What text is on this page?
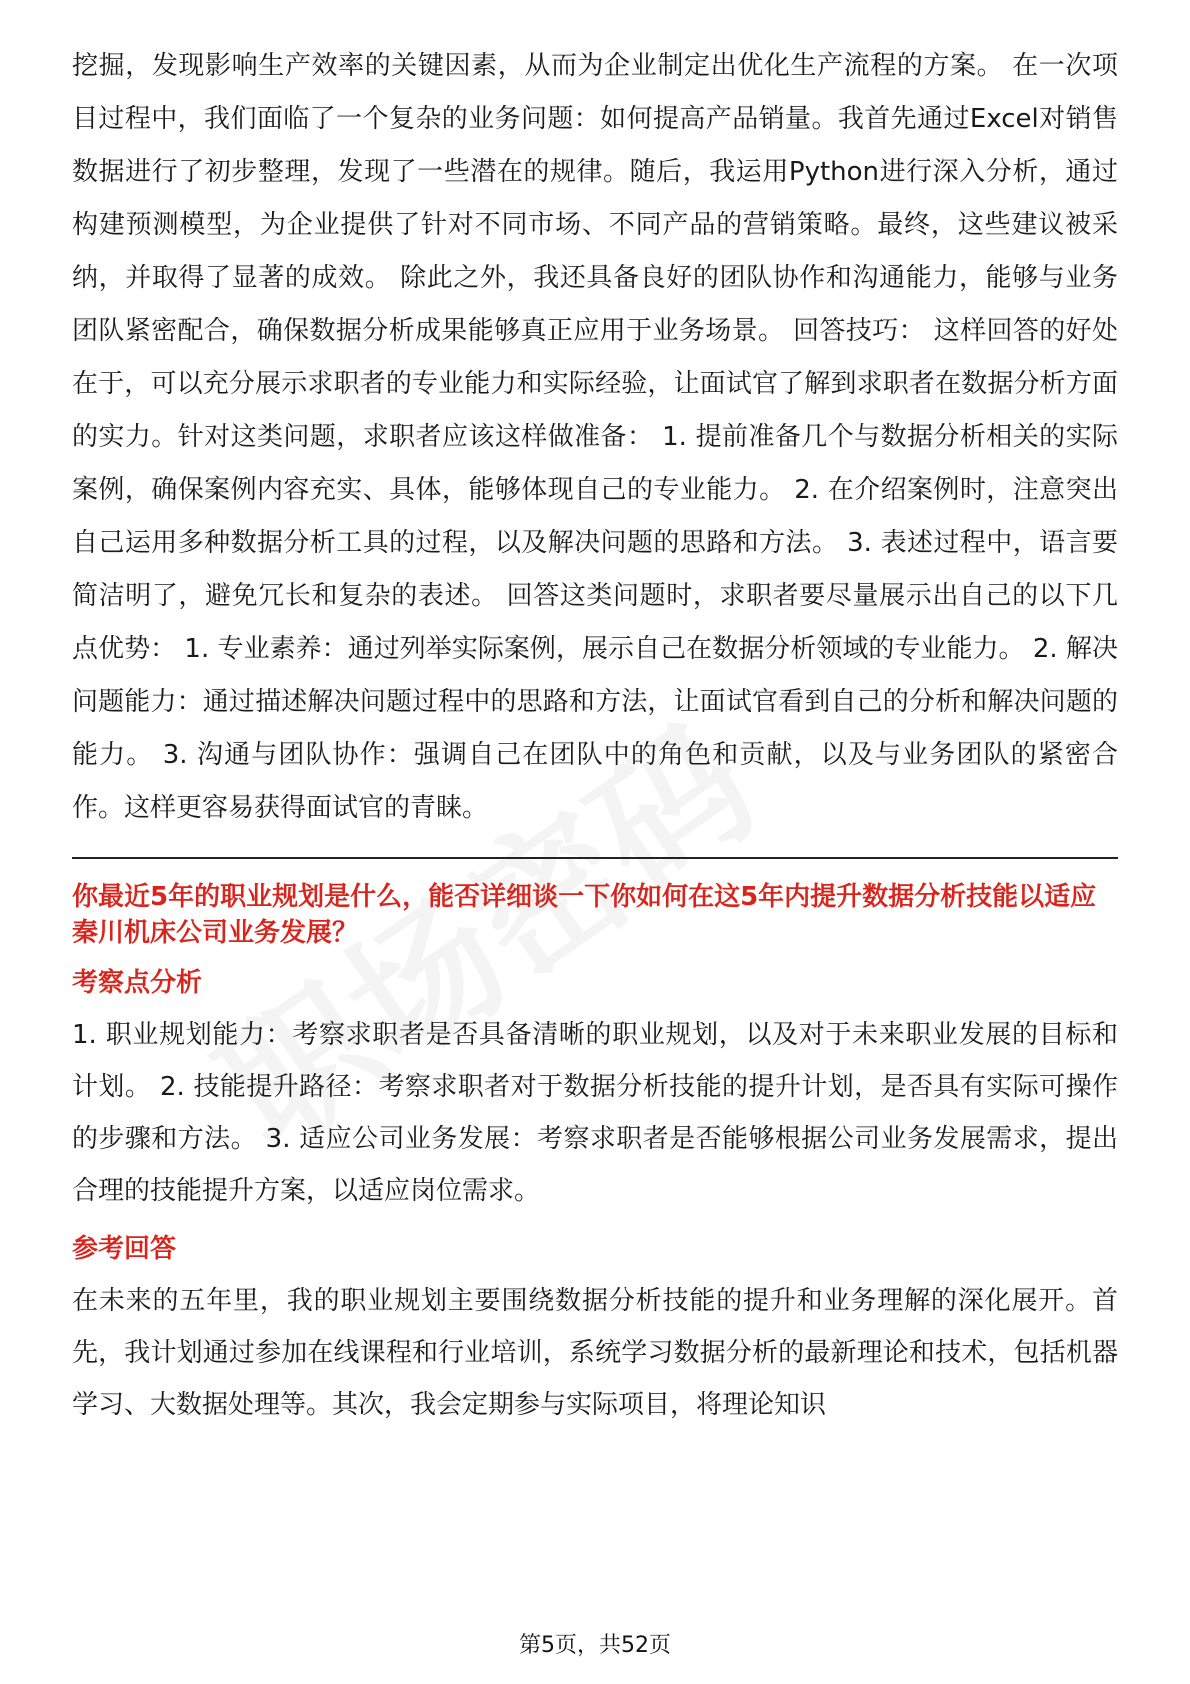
挖掘，发现影响生产效率的关键因素，从而为企业制定出优化生产流程的方案。 在一次项目过程中，我们面临了一个复杂的业务问题：如何提高产品销量。我首先通过Excel对销售数据进行了初步整理，发现了一些潜在的规律。随后，我运用Python进行深入分析，通过构建预测模型，为企业提供了针对不同市场、不同产品的营销策略。最终，这些建议被采纳，并取得了显著的成效。 除此之外，我还具备良好的团队协作和沟通能力，能够与业务团队紧密配合，确保数据分析成果能够真正应用于业务场景。 回答技巧： 这样回答的好处在于，可以充分展示求职者的专业能力和实际经验，让面试官了解到求职者在数据分析方面的实力。针对这类问题，求职者应该这样做准备： 1. 提前准备几个与数据分析相关的实际案例，确保案例内容充实、具体，能够体现自己的专业能力。 2. 在介绍案例时，注意突出自己运用多种数据分析工具的过程，以及解决问题的思路和方法。 3. 表述过程中，语言要简洁明了，避免冗长和复杂的表述。 回答这类问题时，求职者要尽量展示出自己的以下几点优势： 1. 专业素养：通过列举实际案例，展示自己在数据分析领域的专业能力。 2. 解决问题能力：通过描述解决问题过程中的思路和方法，让面试官看到自己的分析和解决问题的能力。 3. 沟通与团队协作：强调自己在团队中的角色和贡献，以及与业务团队的紧密合作。这样更容易获得面试官的青睐。

你最近5年的职业规划是什么，能否详细谈一下你如何在这5年内提升数据分析技能以适应秦川机床公司业务发展？

考察点分析

1. 职业规划能力：考察求职者是否具备清晰的职业规划，以及对于未来职业发展的目标和计划。 2. 技能提升路径：考察求职者对于数据分析技能的提升计划，是否具有实际可操作的步骤和方法。 3. 适应公司业务发展：考察求职者是否能够根据公司业务发展需求，提出合理的技能提升方案，以适应岗位需求。

参考回答

在未来的五年里，我的职业规划主要围绕数据分析技能的提升和业务理解的深化展开。首先，我计划通过参加在线课程和行业培训，系统学习数据分析的最新理论和技术，包括机器学习、大数据处理等。其次，我会定期参与实际项目，将理论知识

第5页，共52页
